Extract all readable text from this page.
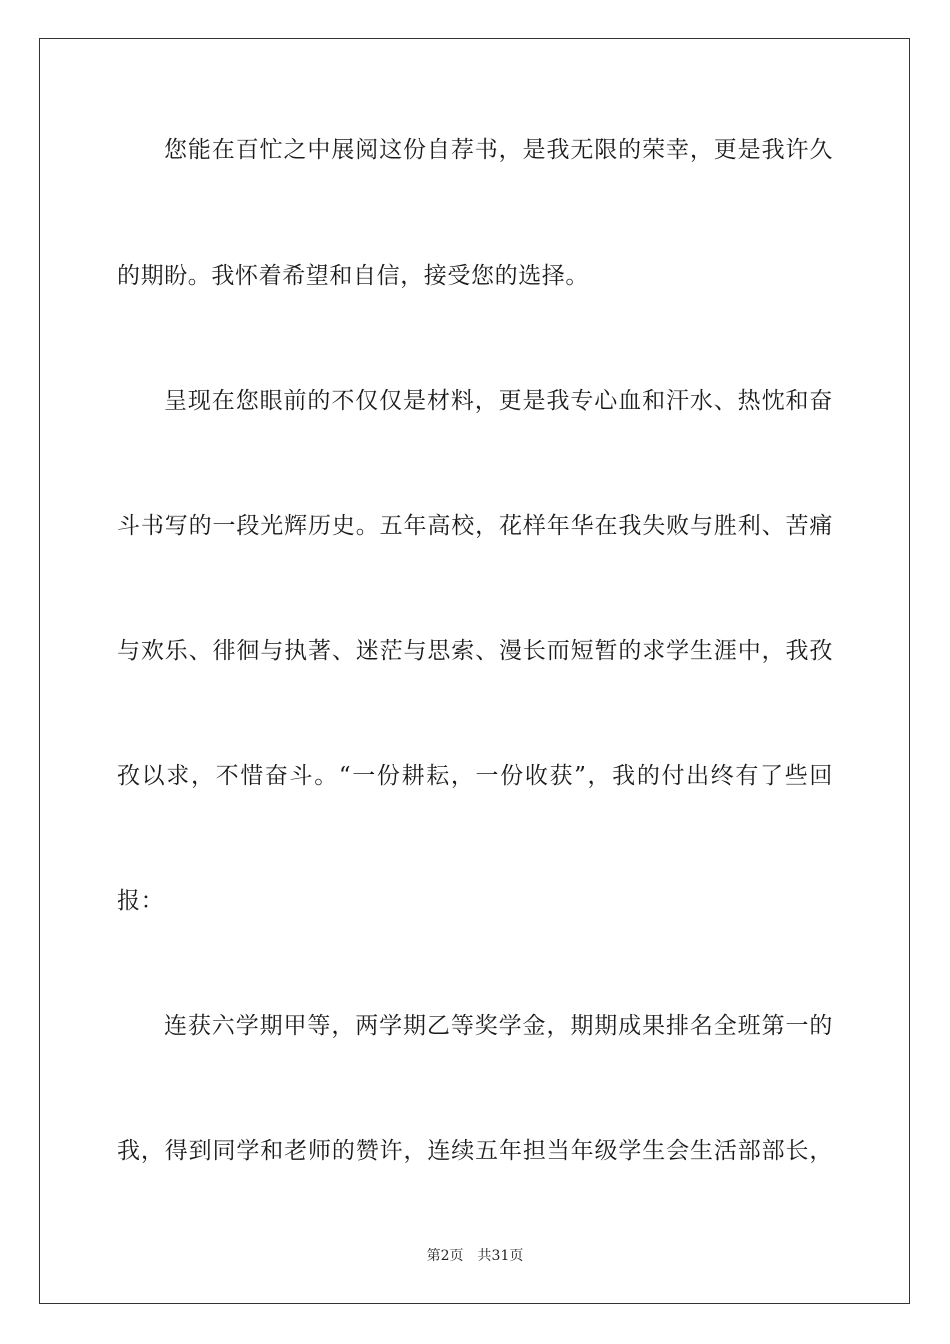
您能在百忙之中展阅这份自荐书，是我无限的荣幸，更是我许久
的期盼。我怀着希望和自信，接受您的选择。
呈现在您眼前的不仅仅是材料，更是我专心血和汗水、热忱和奋
斗书写的一段光辉历史。五年高校，花样年华在我失败与胜利、苦痛
与欢乐、徘徊与执著、迷茫与思索、漫长而短暂的求学生涯中，我孜
孜以求，不惜奋斗。“一份耕耘，一份收获”，我的付出终有了些回
报：
连获六学期甲等，两学期乙等奖学金，期期成果排名全班第一的
我，得到同学和老师的赞许，连续五年担当年级学生会生活部部长，
第2页 共31页
